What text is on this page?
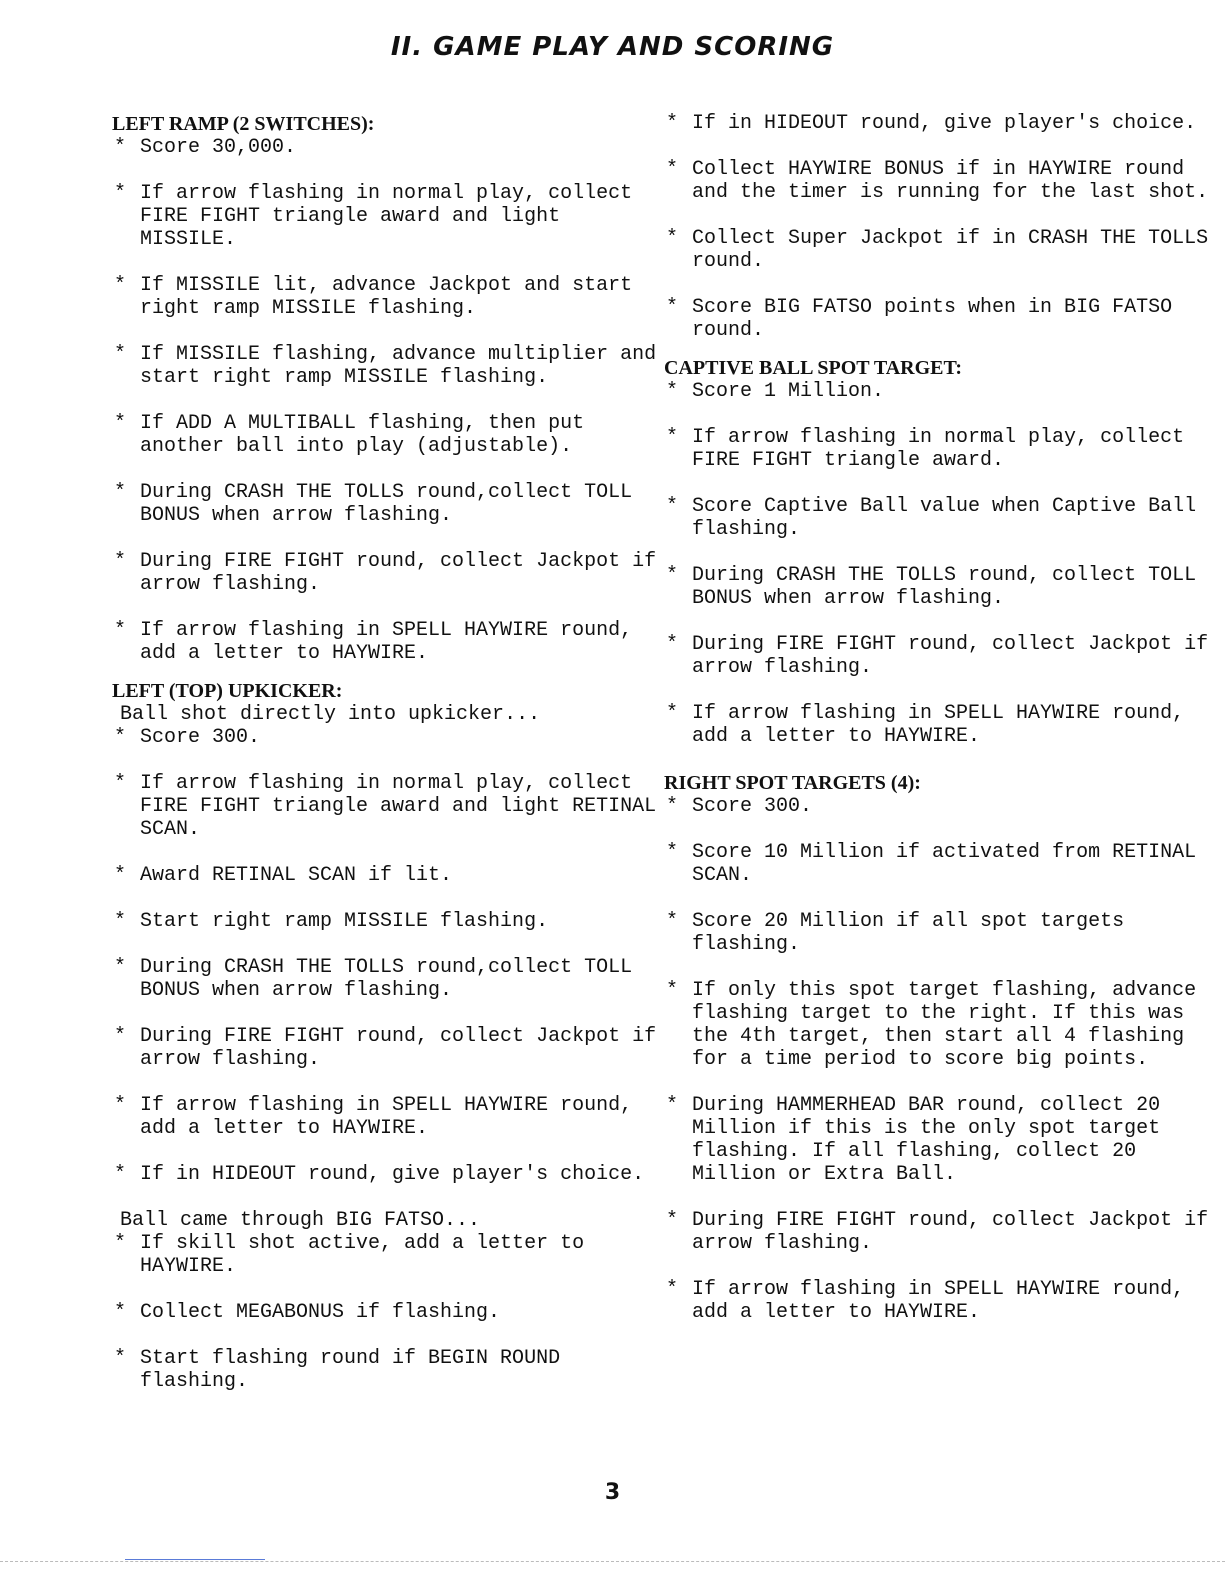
II. GAME PLAY AND SCORING

LEFT RAMP (2 SWITCHES):

* Score 30,000.
* If arrow flashing in normal play, collect FIRE FIGHT triangle award and light MISSILE.
* If MISSILE lit, advance Jackpot and start right ramp MISSILE flashing.
* If MISSILE flashing, advance multiplier and start right ramp MISSILE flashing.
* If ADD A MULTIBALL flashing, then put another ball into play (adjustable).
* During CRASH THE TOLLS round,collect TOLL BONUS when arrow flashing.
* During FIRE FIGHT round, collect Jackpot if arrow flashing.
* If arrow flashing in SPELL HAYWIRE round, add a letter to HAYWIRE.

LEFT (TOP) UPKICKER:

Ball shot directly into upkicker...

* Score 300.
* If arrow flashing in normal play, collect FIRE FIGHT triangle award and light RETINAL SCAN.
* Award RETINAL SCAN if lit.
* Start right ramp MISSILE flashing.
* During CRASH THE TOLLS round,collect TOLL BONUS when arrow flashing.
* During FIRE FIGHT round, collect Jackpot if arrow flashing.
* If arrow flashing in SPELL HAYWIRE round, add a letter to HAYWIRE.
* If in HIDEOUT round, give player's choice.

Ball came through BIG FATSO...

* If skill shot active, add a letter to HAYWIRE.
* Collect MEGABONUS if flashing.
* Start flashing round if BEGIN ROUND flashing.
* If in HIDEOUT round, give player's choice.
* Collect HAYWIRE BONUS if in HAYWIRE round and the timer is running for the last shot.
* Collect Super Jackpot if in CRASH THE TOLLS round.
* Score BIG FATSO points when in BIG FATSO round.

CAPTIVE BALL SPOT TARGET:

* Score 1 Million.
* If arrow flashing in normal play, collect FIRE FIGHT triangle award.
* Score Captive Ball value when Captive Ball flashing.
* During CRASH THE TOLLS round, collect TOLL BONUS when arrow flashing.
* During FIRE FIGHT round, collect Jackpot if arrow flashing.
* If arrow flashing in SPELL HAYWIRE round, add a letter to HAYWIRE.

RIGHT SPOT TARGETS (4):

* Score 300.
* Score 10 Million if activated from RETINAL SCAN.
* Score 20 Million if all spot targets flashing.
* If only this spot target flashing, advance flashing target to the right. If this was the 4th target, then start all 4 flashing for a time period to score big points.
* During HAMMERHEAD BAR round, collect 20 Million if this is the only spot target flashing. If all flashing, collect 20 Million or Extra Ball.
* During FIRE FIGHT round, collect Jackpot if arrow flashing.
* If arrow flashing in SPELL HAYWIRE round, add a letter to HAYWIRE.
3
